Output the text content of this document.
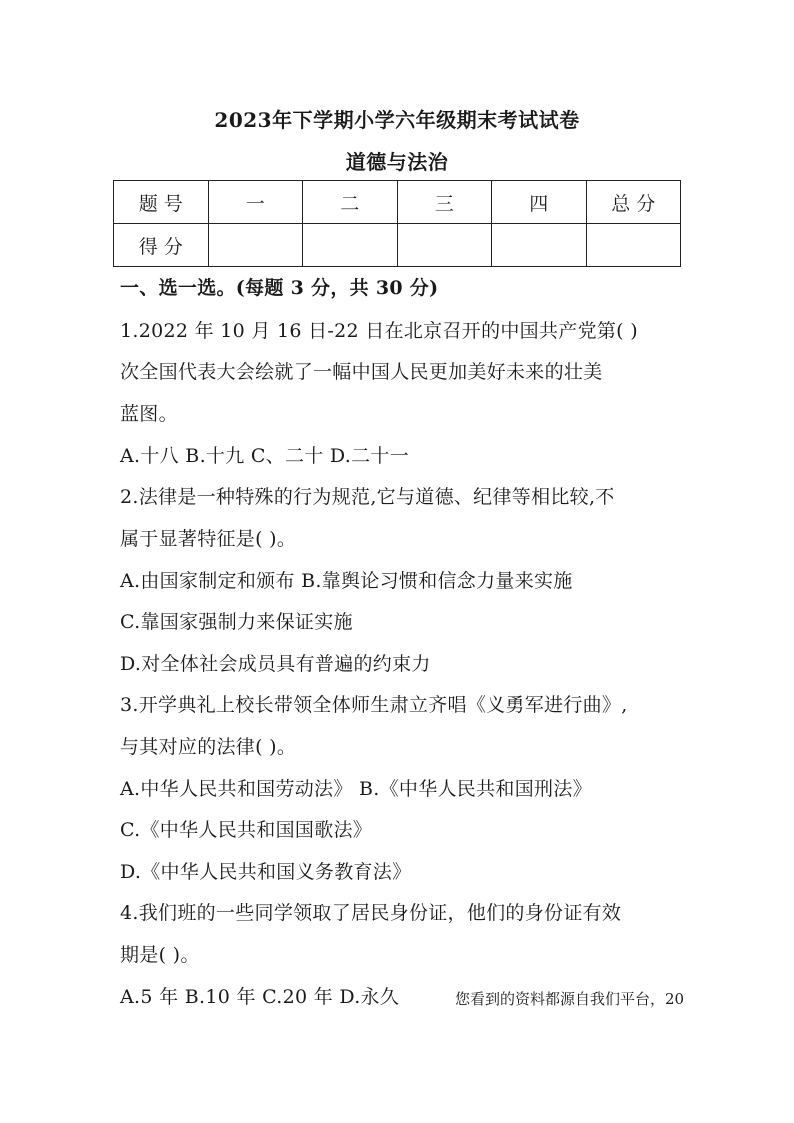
2023年下学期小学六年级期末考试试卷
道德与法治
题 号	一	二	三	四	总 分
得 分					
一、选一选。(每题 3 分，共 30 分)
1.2022 年 10 月 16 日-22 日在北京召开的中国共产党第( )
次全国代表大会绘就了一幅中国人民更加美好未来的壮美
蓝图。
A.十八 B.十九 C、二十 D.二十一
2.法律是一种特殊的行为规范,它与道德、纪律等相比较,不
属于显著特征是( )。
A.由国家制定和颁布 B.靠舆论习惯和信念力量来实施
C.靠国家强制力来保证实施
D.对全体社会成员具有普遍的约束力
3.开学典礼上校长带领全体师生肃立齐唱《义勇军进行曲》,
与其对应的法律( )。
A.中华人民共和国劳动法》 B.《中华人民共和国刑法》
C.《中华人民共和国国歌法》
D.《中华人民共和国义务教育法》
4.我们班的一些同学领取了居民身份证，他们的身份证有效
期是( )。
A.5 年 B.10 年 C.20 年 D.永久	您看到的资料都源自我们平台，20
